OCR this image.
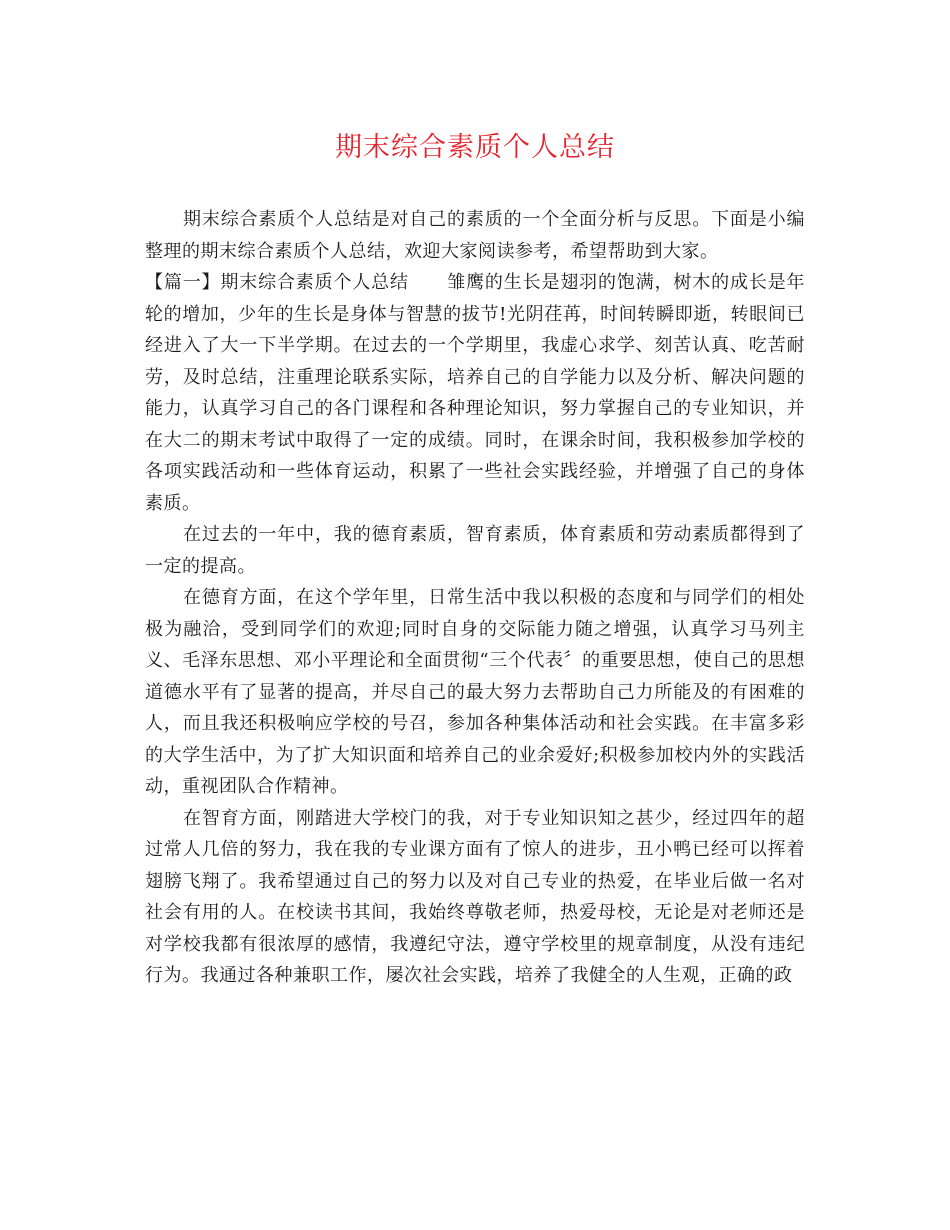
期末综合素质个人总结

期末综合素质个人总结是对自己的素质的一个全面分析与反思。下面是小编整理的期末综合素质个人总结，欢迎大家阅读参考，希望帮助到大家。

【篇一】期末综合素质个人总结 雏鹰的生长是翅羽的饱满，树木的成长是年轮的增加，少年的生长是身体与智慧的拔节!光阴荏苒，时间转瞬即逝，转眼间已经进入了大一下半学期。在过去的一个学期里，我虚心求学、刻苦认真、吃苦耐劳，及时总结，注重理论联系实际，培养自己的自学能力以及分析、解决问题的能力，认真学习自己的各门课程和各种理论知识，努力掌握自己的专业知识，并在大二的期末考试中取得了一定的成绩。同时，在课余时间，我积极参加学校的各项实践活动和一些体育运动，积累了一些社会实践经验，并增强了自己的身体素质。

在过去的一年中，我的德育素质，智育素质，体育素质和劳动素质都得到了一定的提高。

在德育方面，在这个学年里，日常生活中我以积极的态度和与同学们的相处极为融洽，受到同学们的欢迎;同时自身的交际能力随之增强，认真学习马列主义、毛泽东思想、邓小平理论和全面贯彻“三个代表〞的重要思想，使自己的思想道德水平有了显著的提高，并尽自己的最大努力去帮助自己力所能及的有困难的人，而且我还积极响应学校的号召，参加各种集体活动和社会实践。在丰富多彩的大学生活中，为了扩大知识面和培养自己的业余爱好;积极参加校内外的实践活动，重视团队合作精神。

在智育方面，刚踏进大学校门的我，对于专业知识知之甚少，经过四年的超过常人几倍的努力，我在我的专业课方面有了惊人的进步，丑小鸭已经可以挥着翅膀飞翔了。我希望通过自己的努力以及对自己专业的热爱，在毕业后做一名对社会有用的人。在校读书其间，我始终尊敬老师，热爱母校，无论是对老师还是对学校我都有很浓厚的感情，我遵纪守法，遵守学校里的规章制度，从没有违纪行为。我通过各种兼职工作，屡次社会实践，培养了我健全的人生观，正确的政
